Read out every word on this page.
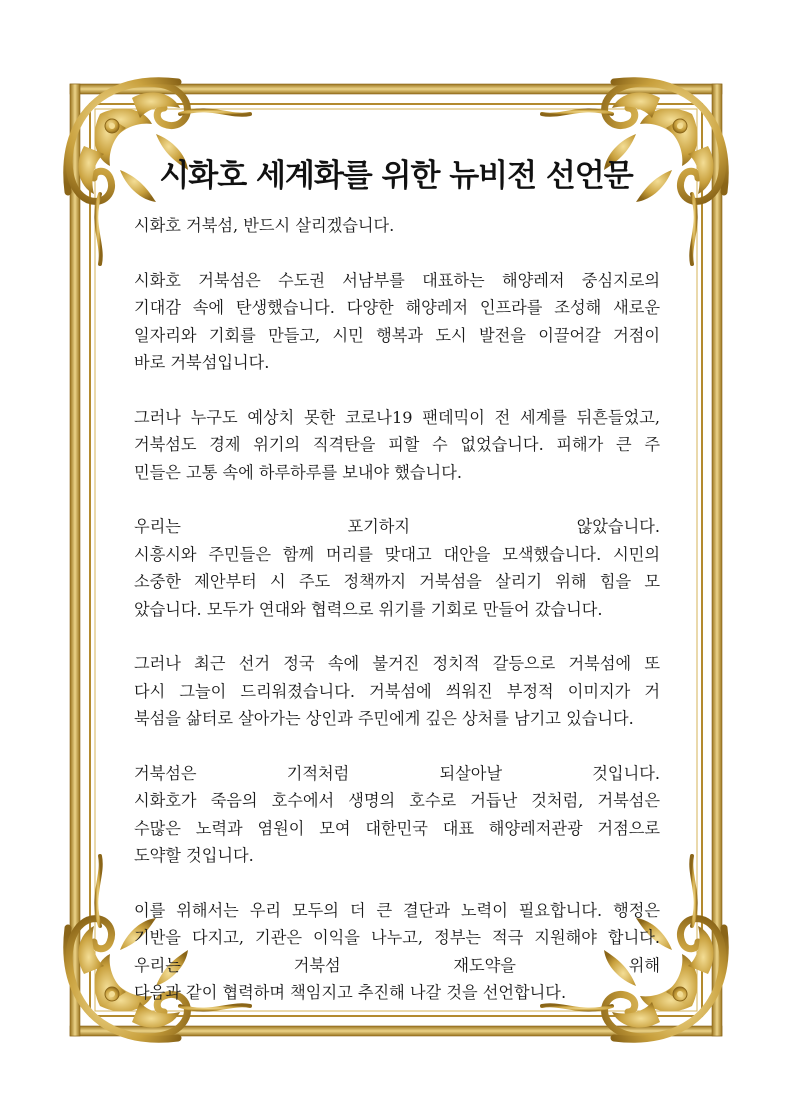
시화호 세계화를 위한 뉴비전 선언문

시화호 거북섬, 반드시 살리겠습니다.

시화호 거북섬은 수도권 서남부를 대표하는 해양레저 중심지로의
기대감 속에 탄생했습니다. 다양한 해양레저 인프라를 조성해 새로운
일자리와 기회를 만들고, 시민 행복과 도시 발전을 이끌어갈 거점이
바로 거북섬입니다.

그러나 누구도 예상치 못한 코로나19 팬데믹이 전 세계를 뒤흔들었고,
거북섬도 경제 위기의 직격탄을 피할 수 없었습니다. 피해가 큰 주
민들은 고통 속에 하루하루를 보내야 했습니다.

우리는 포기하지 않았습니다.
시흥시와 주민들은 함께 머리를 맞대고 대안을 모색했습니다. 시민의
소중한 제안부터 시 주도 정책까지 거북섬을 살리기 위해 힘을 모
았습니다. 모두가 연대와 협력으로 위기를 기회로 만들어 갔습니다.

그러나 최근 선거 정국 속에 불거진 정치적 갈등으로 거북섬에 또
다시 그늘이 드리워졌습니다. 거북섬에 씌워진 부정적 이미지가 거
북섬을 삶터로 살아가는 상인과 주민에게 깊은 상처를 남기고 있습니다.

거북섬은 기적처럼 되살아날 것입니다.
시화호가 죽음의 호수에서 생명의 호수로 거듭난 것처럼, 거북섬은
수많은 노력과 염원이 모여 대한민국 대표 해양레저관광 거점으로
도약할 것입니다.

이를 위해서는 우리 모두의 더 큰 결단과 노력이 필요합니다. 행정은
기반을 다지고, 기관은 이익을 나누고, 정부는 적극 지원해야 합니다.
우리는 거북섬 재도약을 위해
다음과 같이 협력하며 책임지고 추진해 나갈 것을 선언합니다.
